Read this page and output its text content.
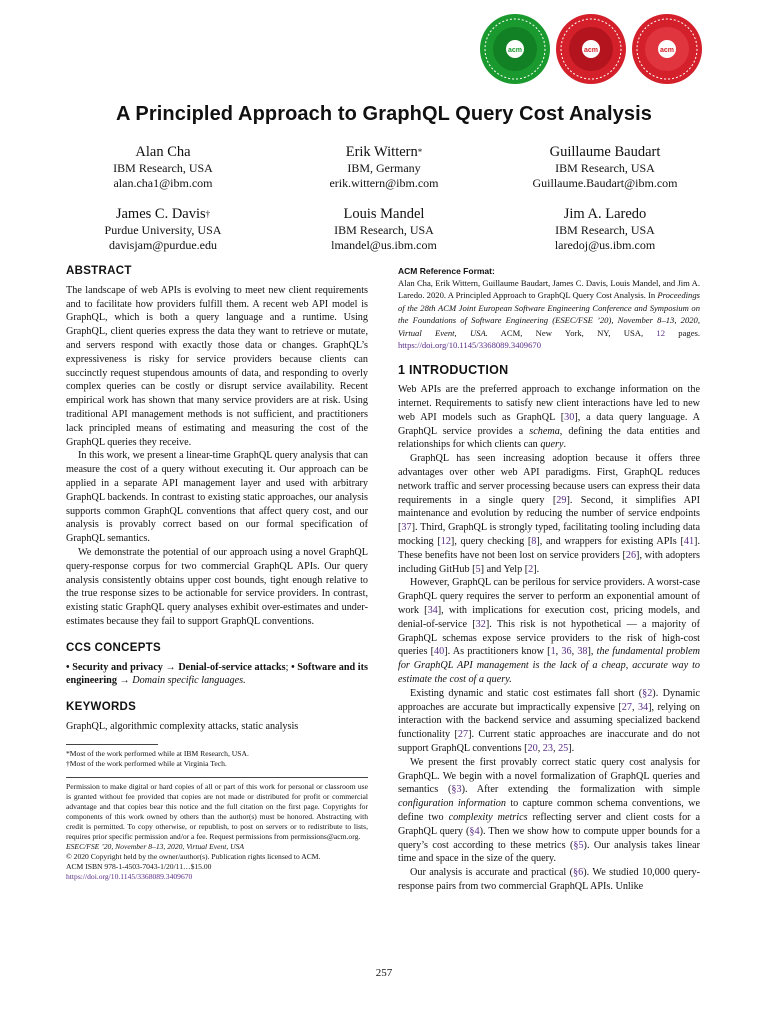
acm	acm	acm
A Principled Approach to GraphQL Query Cost Analysis
Alan Cha
IBM Research, USA
alan.cha1@ibm.com
Erik Wittern*
IBM, Germany
erik.wittern@ibm.com
Guillaume Baudart
IBM Research, USA
Guillaume.Baudart@ibm.com
James C. Davis†
Purdue University, USA
davisjam@purdue.edu
Louis Mandel
IBM Research, USA
lmandel@us.ibm.com
Jim A. Laredo
IBM Research, USA
laredoj@us.ibm.com
ABSTRACT

The landscape of web APIs is evolving to meet new client requirements and to facilitate how providers fulfill them. A recent web API model is GraphQL, which is both a query language and a runtime. Using GraphQL, client queries express the data they want to retrieve or mutate, and servers respond with exactly those data or changes. GraphQL’s expressiveness is risky for service providers because clients can succinctly request stupendous amounts of data, and responding to overly complex queries can be costly or disrupt service availability. Recent empirical work has shown that many service providers are at risk. Using traditional API management methods is not sufficient, and practitioners lack principled means of estimating and measuring the cost of the GraphQL queries they receive.

In this work, we present a linear-time GraphQL query analysis that can measure the cost of a query without executing it. Our approach can be applied in a separate API management layer and used with arbitrary GraphQL backends. In contrast to existing static approaches, our analysis supports common GraphQL conventions that affect query cost, and our analysis is provably correct based on our formal specification of GraphQL semantics.

We demonstrate the potential of our approach using a novel GraphQL query-response corpus for two commercial GraphQL APIs. Our query analysis consistently obtains upper cost bounds, tight enough relative to the true response sizes to be actionable for service providers. In contrast, existing static GraphQL query analyses exhibit over-estimates and under-estimates because they fail to support GraphQL conventions.

CCS CONCEPTS

• Security and privacy → Denial-of-service attacks; • Software and its engineering → Domain specific languages.

KEYWORDS

GraphQL, algorithmic complexity attacks, static analysis

*Most of the work performed while at IBM Research, USA.
†Most of the work performed while at Virginia Tech.

Permission to make digital or hard copies of all or part of this work for personal or classroom use is granted without fee provided that copies are not made or distributed for profit or commercial advantage and that copies bear this notice and the full citation on the first page. Copyrights for components of this work owned by others than the author(s) must be honored. Abstracting with credit is permitted. To copy otherwise, or republish, to post on servers or to redistribute to lists, requires prior specific permission and/or a fee. Request permissions from permissions@acm.org.

ESEC/FSE ’20, November 8–13, 2020, Virtual Event, USA
© 2020 Copyright held by the owner/author(s). Publication rights licensed to ACM.
ACM ISBN 978-1-4503-7043-1/20/11…$15.00
https://doi.org/10.1145/3368089.3409670
ACM Reference Format:

Alan Cha, Erik Wittern, Guillaume Baudart, James C. Davis, Louis Mandel, and Jim A. Laredo. 2020. A Principled Approach to GraphQL Query Cost Analysis. In Proceedings of the 28th ACM Joint European Software Engineering Conference and Symposium on the Foundations of Software Engineering (ESEC/FSE ’20), November 8–13, 2020, Virtual Event, USA. ACM, New York, NY, USA, 12 pages. https://doi.org/10.1145/3368089.3409670

1 INTRODUCTION

Web APIs are the preferred approach to exchange information on the internet. Requirements to satisfy new client interactions have led to new web API models such as GraphQL [30], a data query language. A GraphQL service provides a schema, defining the data entities and relationships for which clients can query.

GraphQL has seen increasing adoption because it offers three advantages over other web API paradigms. First, GraphQL reduces network traffic and server processing because users can express their data requirements in a single query [29]. Second, it simplifies API maintenance and evolution by reducing the number of service endpoints [37]. Third, GraphQL is strongly typed, facilitating tooling including data mocking [12], query checking [8], and wrappers for existing APIs [41]. These benefits have not been lost on service providers [26], with adopters including GitHub [5] and Yelp [2].

However, GraphQL can be perilous for service providers. A worst-case GraphQL query requires the server to perform an exponential amount of work [34], with implications for execution cost, pricing models, and denial-of-service [32]. This risk is not hypothetical — a majority of GraphQL schemas expose service providers to the risk of high-cost queries [40]. As practitioners know [1, 36, 38], the fundamental problem for GraphQL API management is the lack of a cheap, accurate way to estimate the cost of a query.

Existing dynamic and static cost estimates fall short (§2). Dynamic approaches are accurate but impractically expensive [27, 34], relying on interaction with the backend service and assuming specialized backend functionality [27]. Current static approaches are inaccurate and do not support GraphQL conventions [20, 23, 25].

We present the first provably correct static query cost analysis for GraphQL. We begin with a novel formalization of GraphQL queries and semantics (§3). After extending the formalization with simple configuration information to capture common schema conventions, we define two complexity metrics reflecting server and client costs for a GraphQL query (§4). Then we show how to compute upper bounds for a query’s cost according to these metrics (§5). Our analysis takes linear time and space in the size of the query.

Our analysis is accurate and practical (§6). We studied 10,000 query-response pairs from two commercial GraphQL APIs. Unlike

257
